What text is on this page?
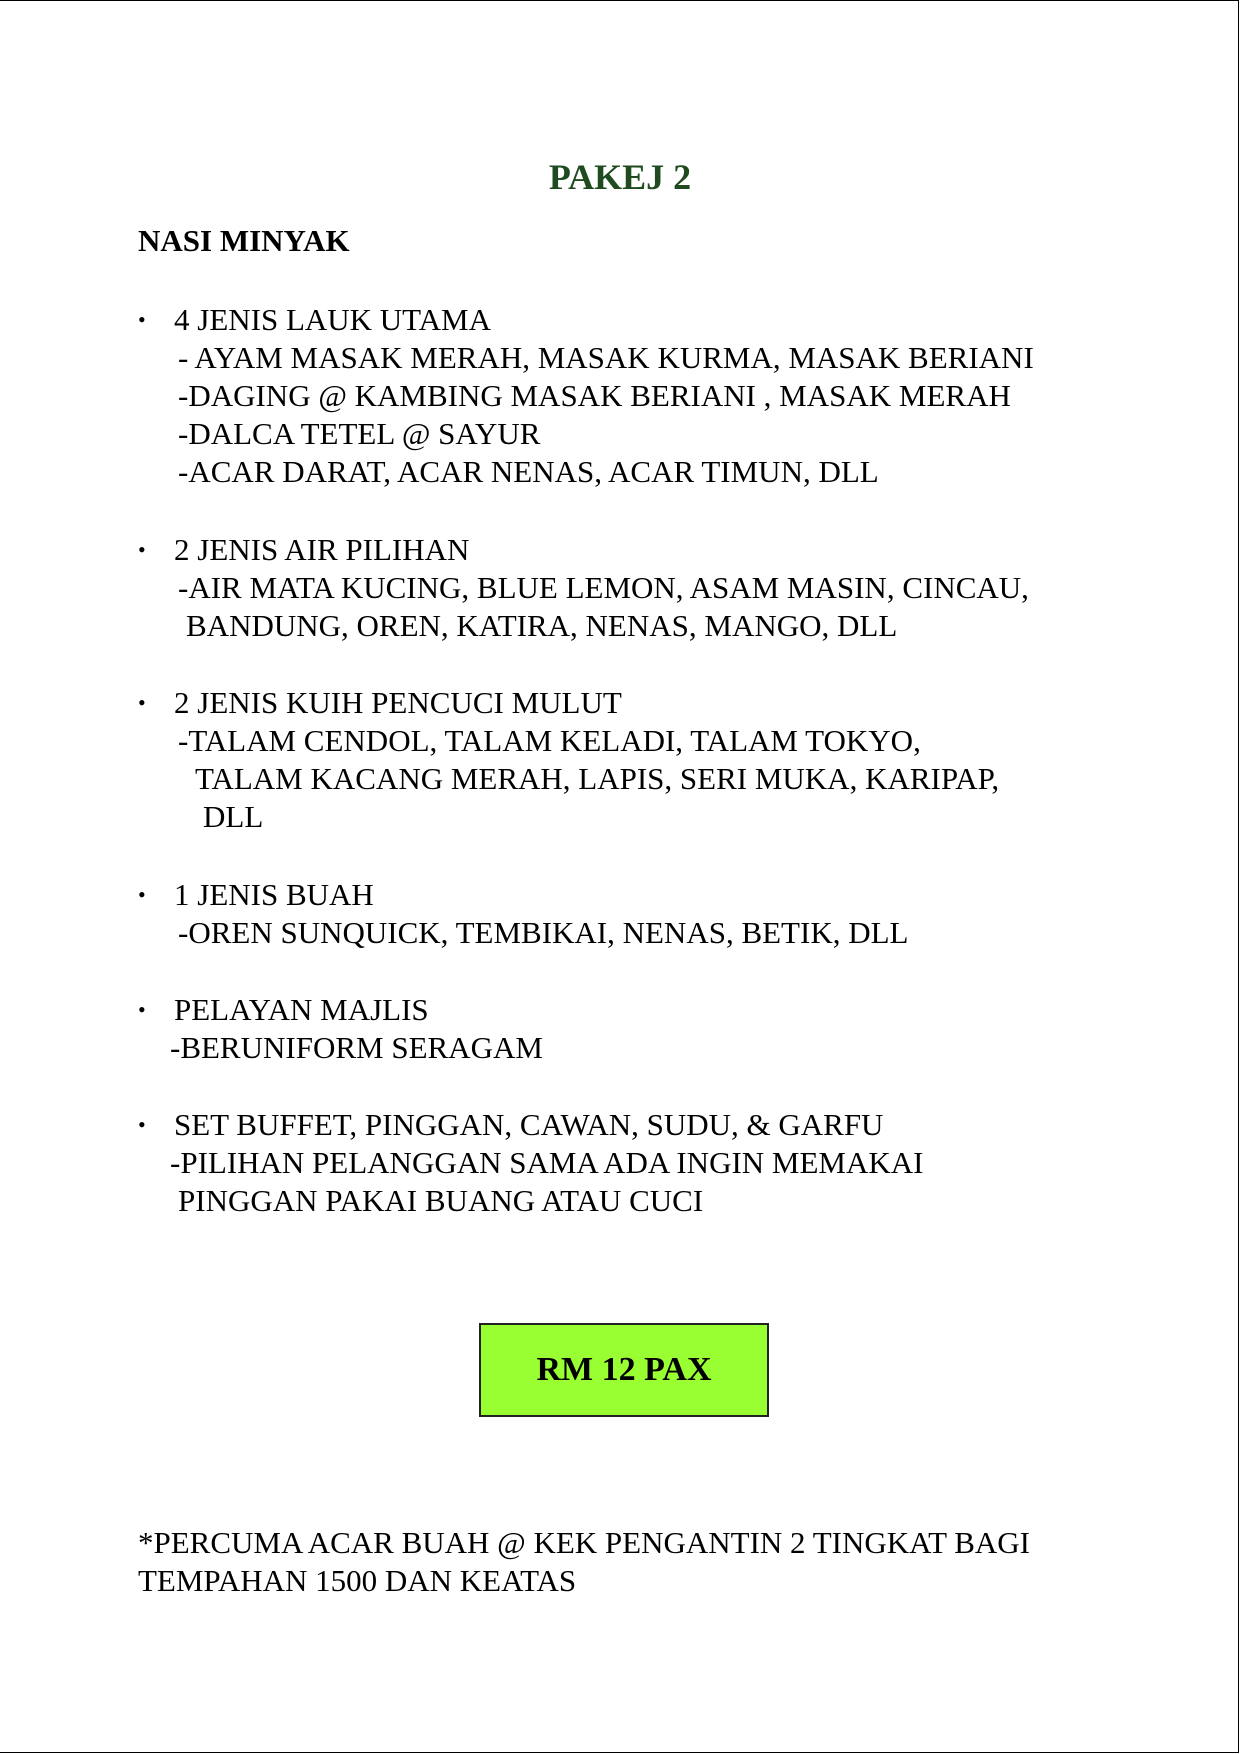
PAKEJ 2
NASI MINYAK
• 4 JENIS LAUK UTAMA
- AYAM MASAK MERAH, MASAK KURMA, MASAK BERIANI
-DAGING @ KAMBING MASAK BERIANI , MASAK MERAH
-DALCA TETEL @ SAYUR
-ACAR DARAT, ACAR NENAS, ACAR TIMUN, DLL
• 2 JENIS AIR PILIHAN
-AIR MATA KUCING, BLUE LEMON, ASAM MASIN, CINCAU,
BANDUNG, OREN, KATIRA, NENAS, MANGO, DLL
• 2 JENIS KUIH PENCUCI MULUT
-TALAM CENDOL, TALAM KELADI, TALAM TOKYO,
TALAM KACANG MERAH, LAPIS, SERI MUKA, KARIPAP,
DLL
• 1 JENIS BUAH
-OREN SUNQUICK, TEMBIKAI, NENAS, BETIK, DLL
• PELAYAN MAJLIS
-BERUNIFORM SERAGAM
• SET BUFFET, PINGGAN, CAWAN, SUDU, & GARFU
-PILIHAN PELANGGAN SAMA ADA INGIN MEMAKAI
PINGGAN PAKAI BUANG ATAU CUCI
RM 12 PAX
*PERCUMA ACAR BUAH @ KEK PENGANTIN 2 TINGKAT BAGI
TEMPAHAN 1500 DAN KEATAS
